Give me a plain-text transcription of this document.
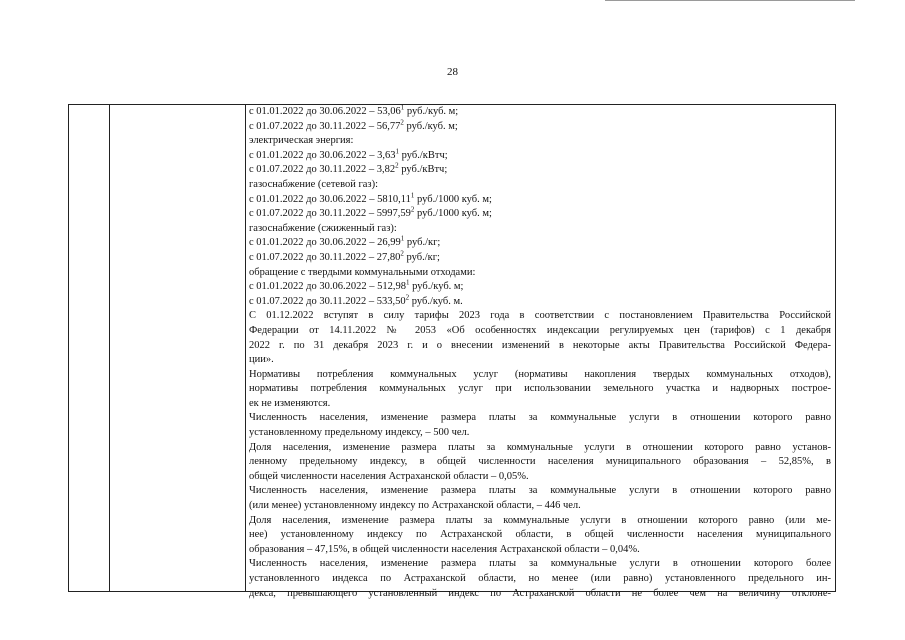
28
с 01.01.2022 до 30.06.2022 – 53,06$^1$ руб./куб. м;
с 01.07.2022 до 30.11.2022 – 56,77$^2$ руб./куб. м;
электрическая энергия:
с 01.01.2022 до 30.06.2022 – 3,63$^1$ руб./кВтч;
с 01.07.2022 до 30.11.2022 – 3,82$^2$ руб./кВтч;
газоснабжение (сетевой газ):
с 01.01.2022 до 30.06.2022 – 5810,11$^1$ руб./1000 куб. м;
с 01.07.2022 до 30.11.2022 – 5997,59$^2$ руб./1000 куб. м;
газоснабжение (сжиженный газ):
с 01.01.2022 до 30.06.2022 – 26,99$^1$ руб./кг;
с 01.07.2022 до 30.11.2022 – 27,80$^2$ руб./кг;
обращение с твердыми коммунальными отходами:
с 01.01.2022 до 30.06.2022 – 512,98$^1$ руб./куб. м;
с 01.07.2022 до 30.11.2022 – 533,50$^2$ руб./куб. м.
С 01.12.2022 вступят в силу тарифы 2023 года в соответствии с постановлением Правительства Российской
Федерации от 14.11.2022 № 2053 «Об особенностях индексации регулируемых цен (тарифов) с 1 декабря
2022 г. по 31 декабря 2023 г. и о внесении изменений в некоторые акты Правительства Российской Федера-
ции».
Нормативы потребления коммунальных услуг (нормативы накопления твердых коммунальных отходов),
нормативы потребления коммунальных услуг при использовании земельного участка и надворных построе-
ек не изменяются.
Численность населения, изменение размера платы за коммунальные услуги в отношении которого равно
установленному предельному индексу, – 500 чел.
Доля населения, изменение размера платы за коммунальные услуги в отношении которого равно установ-
ленному предельному индексу, в общей численности населения муниципального образования – 52,85%, в
общей численности населения Астраханской области – 0,05%.
Численность населения, изменение размера платы за коммунальные услуги в отношении которого равно
(или менее) установленному индексу по Астраханской области, – 446 чел.
Доля населения, изменение размера платы за коммунальные услуги в отношении которого равно (или ме-
нее) установленному индексу по Астраханской области, в общей численности населения муниципального
образования – 47,15%, в общей численности населения Астраханской области – 0,04%.
Численность населения, изменение размера платы за коммунальные услуги в отношении которого более
установленного индекса по Астраханской области, но менее (или равно) установленного предельного ин-
декса, превышающего установленный индекс по Астраханской области не более чем на величину отклоне-
